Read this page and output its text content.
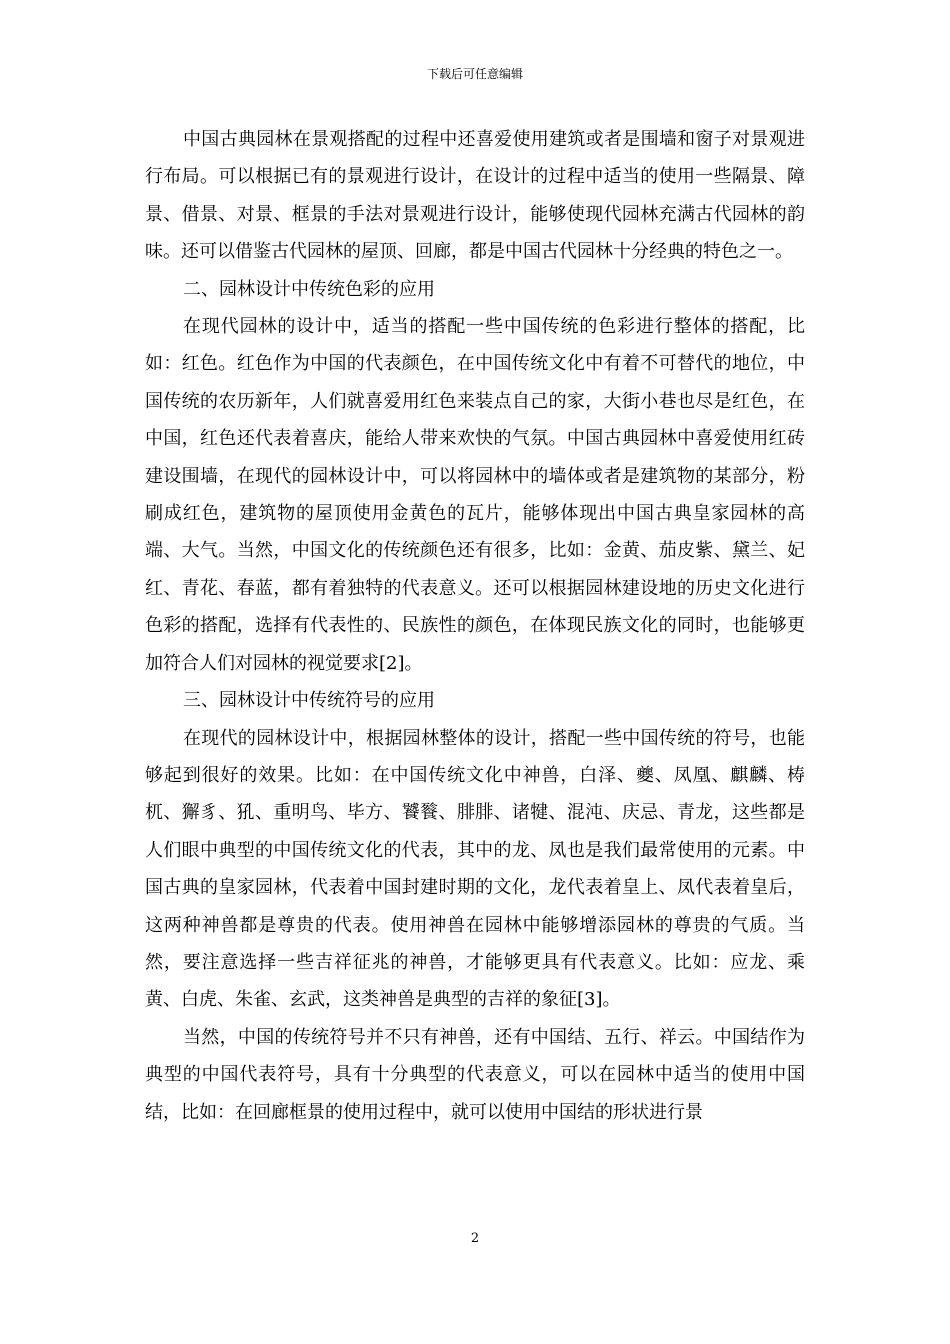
下载后可任意编辑

中国古典园林在景观搭配的过程中还喜爱使用建筑或者是围墙和窗子对景观进行布局。可以根据已有的景观进行设计，在设计的过程中适当的使用一些隔景、障景、借景、对景、框景的手法对景观进行设计，能够使现代园林充满古代园林的韵味。还可以借鉴古代园林的屋顶、回廊，都是中国古代园林十分经典的特色之一。

二、园林设计中传统色彩的应用

在现代园林的设计中，适当的搭配一些中国传统的色彩进行整体的搭配，比如：红色。红色作为中国的代表颜色，在中国传统文化中有着不可替代的地位，中国传统的农历新年，人们就喜爱用红色来装点自己的家，大街小巷也尽是红色，在中国，红色还代表着喜庆，能给人带来欢快的气氛。中国古典园林中喜爱使用红砖建设围墙，在现代的园林设计中，可以将园林中的墙体或者是建筑物的某部分，粉刷成红色，建筑物的屋顶使用金黄色的瓦片，能够体现出中国古典皇家园林的高端、大气。当然，中国文化的传统颜色还有很多，比如：金黄、茄皮紫、黛兰、妃红、青花、春蓝，都有着独特的代表意义。还可以根据园林建设地的历史文化进行色彩的搭配，选择有代表性的、民族性的颜色，在体现民族文化的同时，也能够更加符合人们对园林的视觉要求[2]。

三、园林设计中传统符号的应用

在现代的园林设计中，根据园林整体的设计，搭配一些中国传统的符号，也能够起到很好的效果。比如：在中国传统文化中神兽，白泽、夔、凤凰、麒麟、梼杌、獬豸、犼、重明鸟、毕方、饕餮、腓腓、诸犍、混沌、庆忌、青龙，这些都是人们眼中典型的中国传统文化的代表，其中的龙、凤也是我们最常使用的元素。中国古典的皇家园林，代表着中国封建时期的文化，龙代表着皇上、凤代表着皇后，这两种神兽都是尊贵的代表。使用神兽在园林中能够增添园林的尊贵的气质。当然，要注意选择一些吉祥征兆的神兽，才能够更具有代表意义。比如：应龙、乘黄、白虎、朱雀、玄武，这类神兽是典型的吉祥的象征[3]。

当然，中国的传统符号并不只有神兽，还有中国结、五行、祥云。中国结作为典型的中国代表符号，具有十分典型的代表意义，可以在园林中适当的使用中国结，比如：在回廊框景的使用过程中，就可以使用中国结的形状进行景

2
